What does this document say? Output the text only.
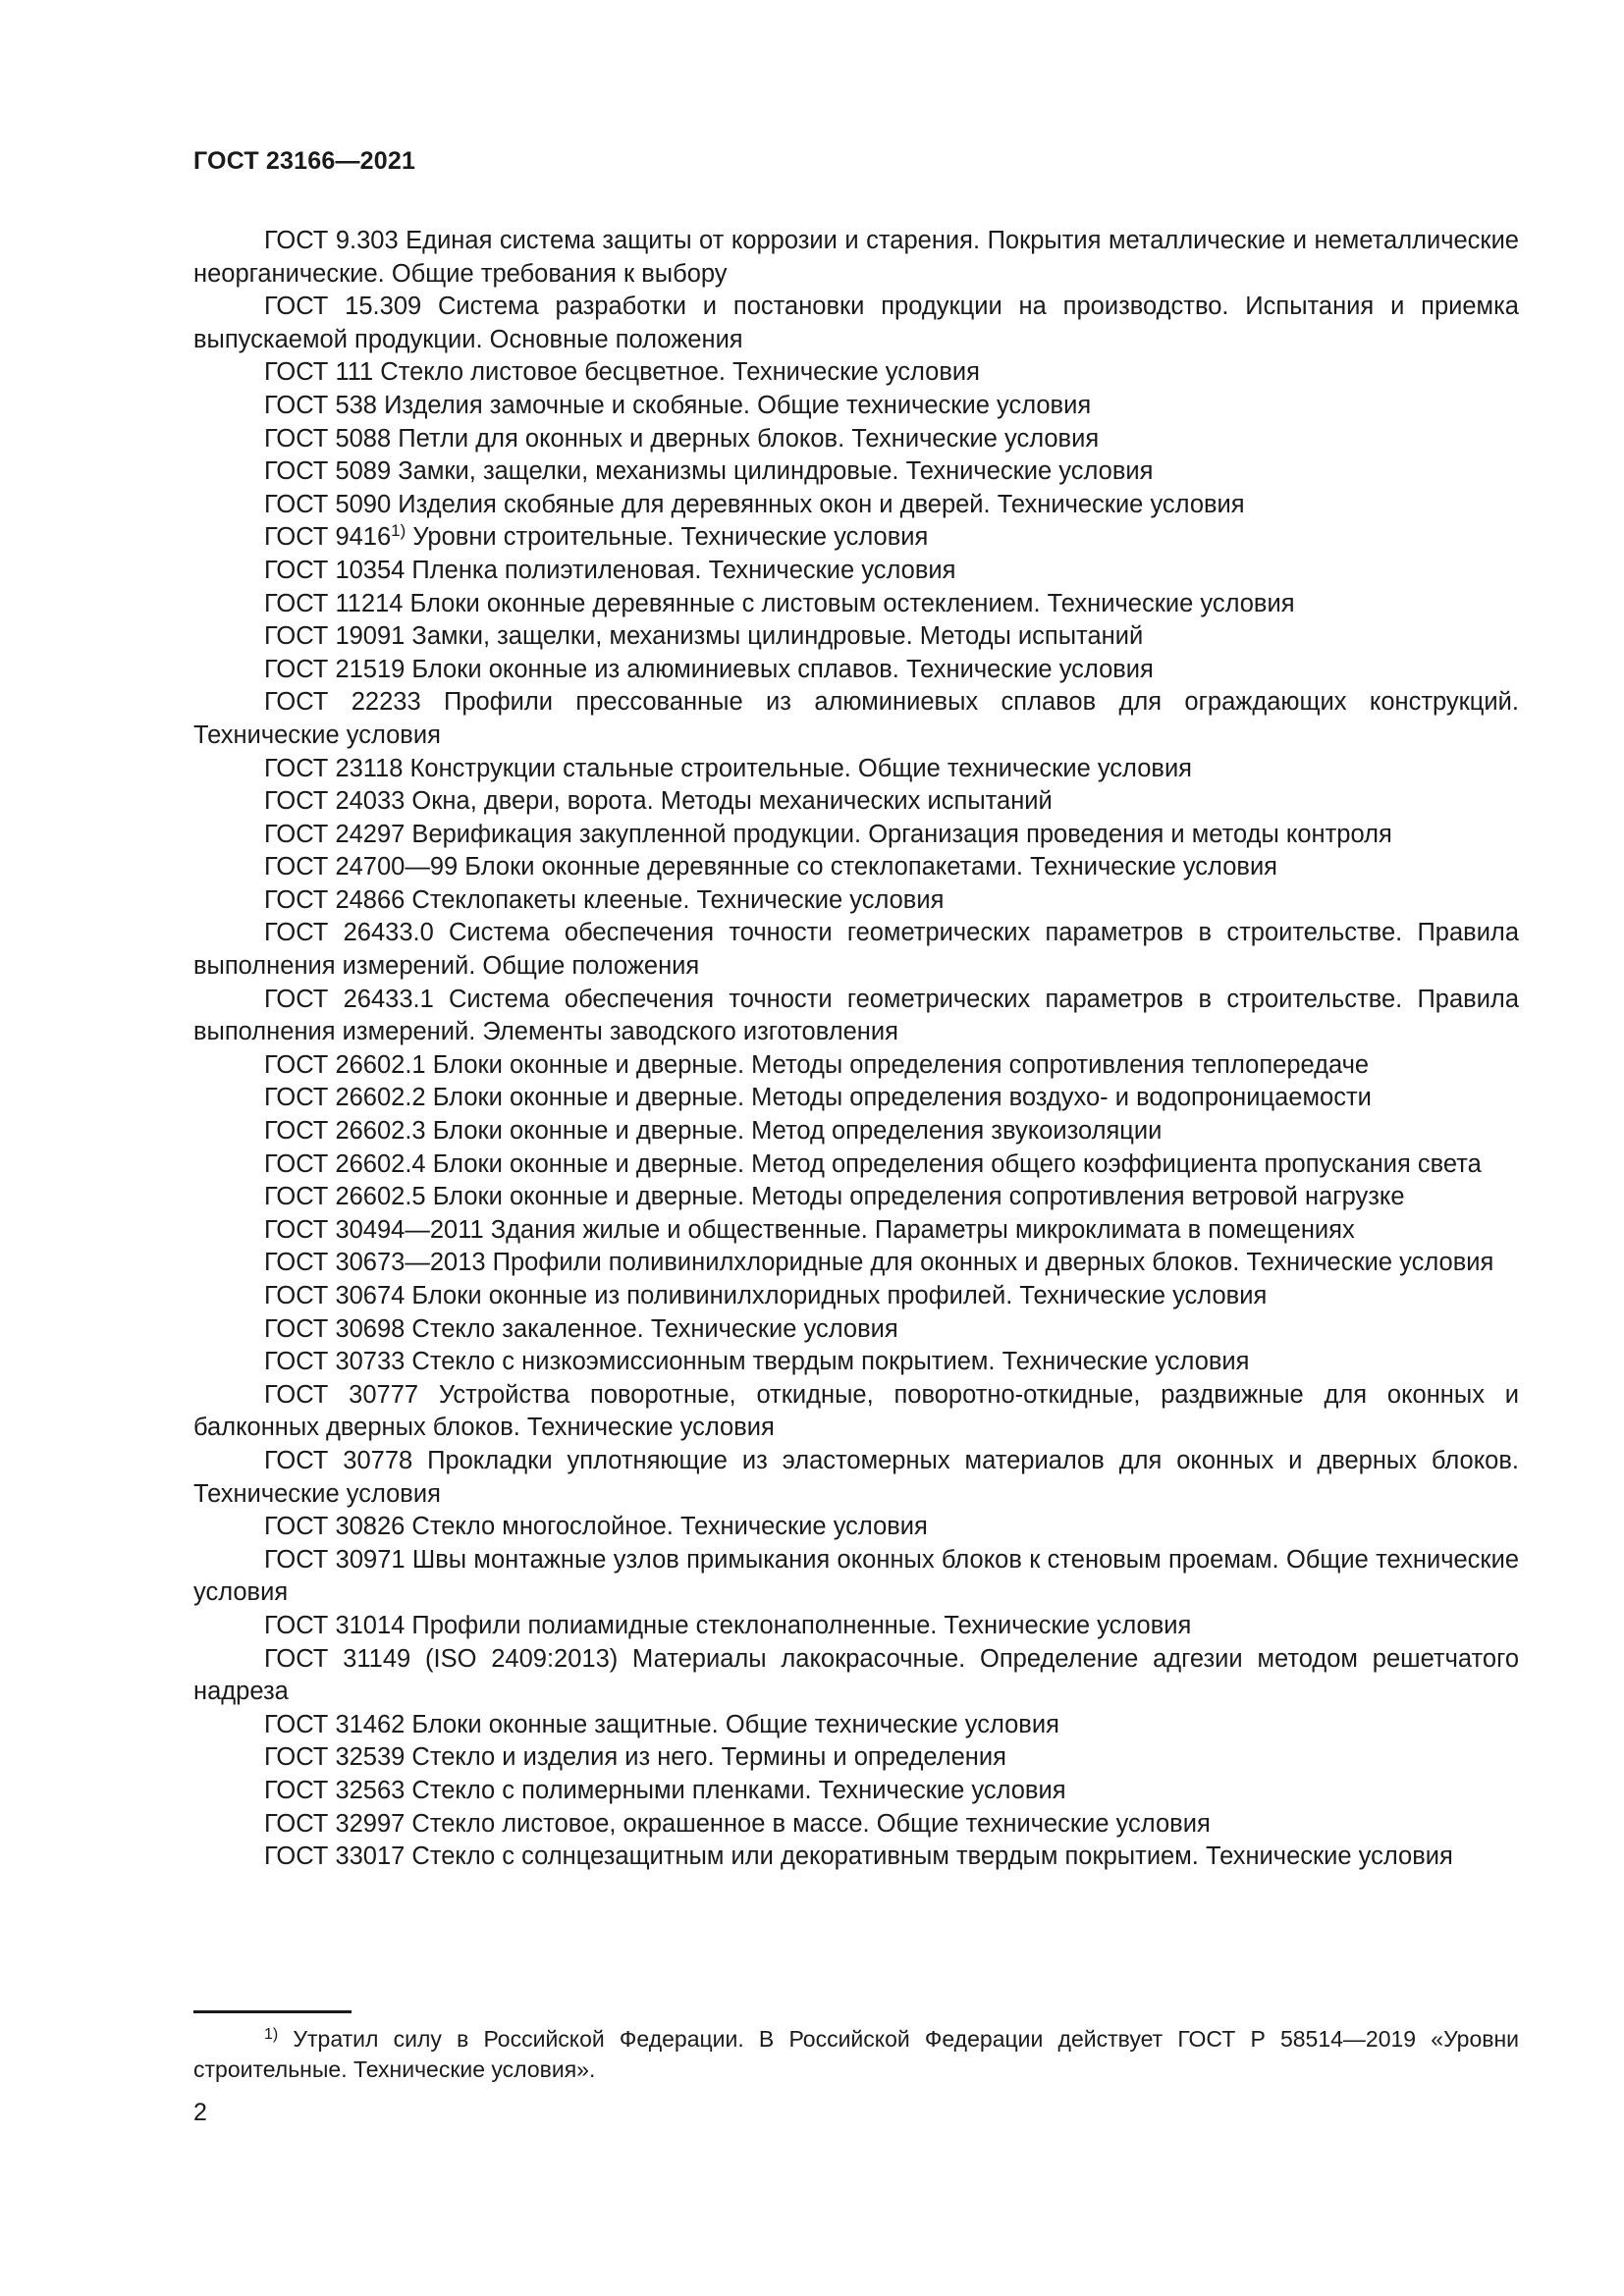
ГОСТ 23166—2021

ГОСТ 9.303 Единая система защиты от коррозии и старения. Покрытия металлические и неметаллические неорганические. Общие требования к выбору

ГОСТ 15.309 Система разработки и постановки продукции на производство. Испытания и приемка выпускаемой продукции. Основные положения

ГОСТ 111 Стекло листовое бесцветное. Технические условия

ГОСТ 538 Изделия замочные и скобяные. Общие технические условия

ГОСТ 5088 Петли для оконных и дверных блоков. Технические условия

ГОСТ 5089 Замки, защелки, механизмы цилиндровые. Технические условия

ГОСТ 5090 Изделия скобяные для деревянных окон и дверей. Технические условия

ГОСТ 9416$^{1)}$ Уровни строительные. Технические условия

ГОСТ 10354 Пленка полиэтиленовая. Технические условия

ГОСТ 11214 Блоки оконные деревянные с листовым остеклением. Технические условия

ГОСТ 19091 Замки, защелки, механизмы цилиндровые. Методы испытаний

ГОСТ 21519 Блоки оконные из алюминиевых сплавов. Технические условия

ГОСТ 22233 Профили прессованные из алюминиевых сплавов для ограждающих конструкций. Технические условия

ГОСТ 23118 Конструкции стальные строительные. Общие технические условия

ГОСТ 24033 Окна, двери, ворота. Методы механических испытаний

ГОСТ 24297 Верификация закупленной продукции. Организация проведения и методы контроля

ГОСТ 24700—99 Блоки оконные деревянные со стеклопакетами. Технические условия

ГОСТ 24866 Стеклопакеты клееные. Технические условия

ГОСТ 26433.0 Система обеспечения точности геометрических параметров в строительстве. Правила выполнения измерений. Общие положения

ГОСТ 26433.1 Система обеспечения точности геометрических параметров в строительстве. Правила выполнения измерений. Элементы заводского изготовления

ГОСТ 26602.1 Блоки оконные и дверные. Методы определения сопротивления теплопередаче

ГОСТ 26602.2 Блоки оконные и дверные. Методы определения воздухо- и водопроницаемости

ГОСТ 26602.3 Блоки оконные и дверные. Метод определения звукоизоляции

ГОСТ 26602.4 Блоки оконные и дверные. Метод определения общего коэффициента пропускания света

ГОСТ 26602.5 Блоки оконные и дверные. Методы определения сопротивления ветровой нагрузке

ГОСТ 30494—2011 Здания жилые и общественные. Параметры микроклимата в помещениях

ГОСТ 30673—2013 Профили поливинилхлоридные для оконных и дверных блоков. Технические условия

ГОСТ 30674 Блоки оконные из поливинилхлоридных профилей. Технические условия

ГОСТ 30698 Стекло закаленное. Технические условия

ГОСТ 30733 Стекло с низкоэмиссионным твердым покрытием. Технические условия

ГОСТ 30777 Устройства поворотные, откидные, поворотно-откидные, раздвижные для оконных и балконных дверных блоков. Технические условия

ГОСТ 30778 Прокладки уплотняющие из эластомерных материалов для оконных и дверных блоков. Технические условия

ГОСТ 30826 Стекло многослойное. Технические условия

ГОСТ 30971 Швы монтажные узлов примыкания оконных блоков к стеновым проемам. Общие технические условия

ГОСТ 31014 Профили полиамидные стеклонаполненные. Технические условия

ГОСТ 31149 (ISO 2409:2013) Материалы лакокрасочные. Определение адгезии методом решетчатого надреза

ГОСТ 31462 Блоки оконные защитные. Общие технические условия

ГОСТ 32539 Стекло и изделия из него. Термины и определения

ГОСТ 32563 Стекло с полимерными пленками. Технические условия

ГОСТ 32997 Стекло листовое, окрашенное в массе. Общие технические условия

ГОСТ 33017 Стекло с солнцезащитным или декоративным твердым покрытием. Технические условия

$^{1)}$ Утратил силу в Российской Федерации. В Российской Федерации действует ГОСТ Р 58514—2019 «Уровни строительные. Технические условия».

2
